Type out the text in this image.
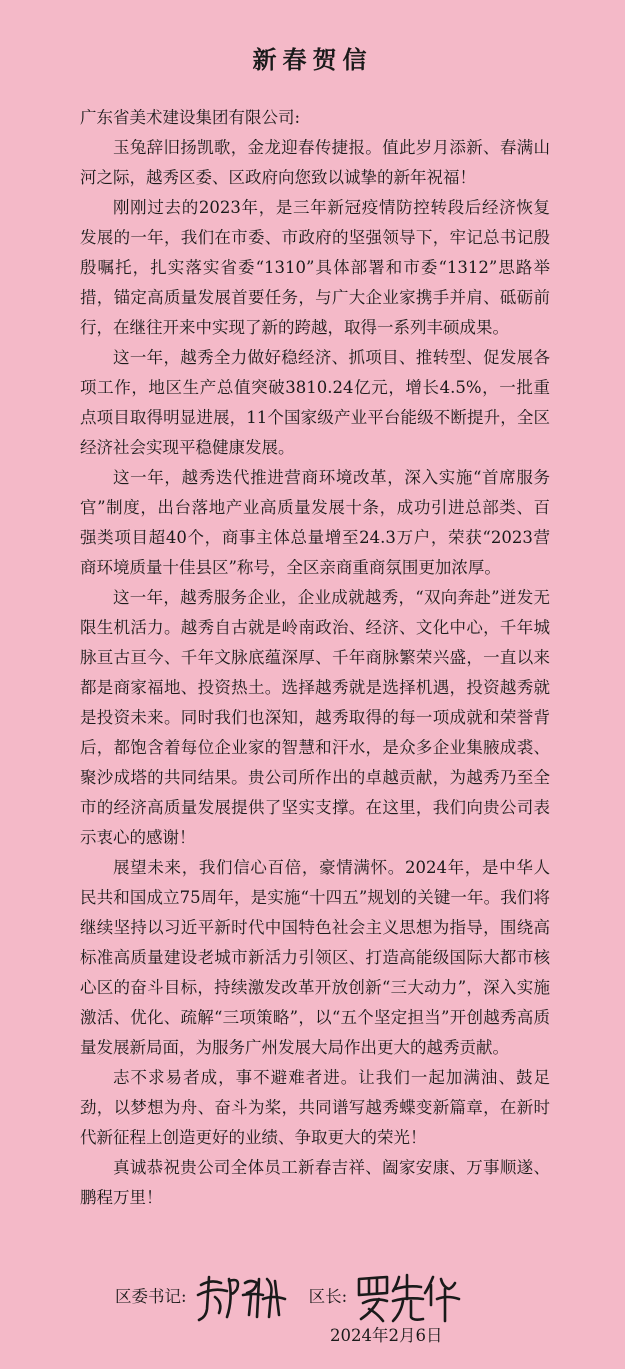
新春贺信
广东省美术建设集团有限公司:

玉兔辞旧扬凯歌，金龙迎春传捷报。值此岁月添新、春满山河之际，越秀区委、区政府向您致以诚挚的新年祝福！

刚刚过去的2023年，是三年新冠疫情防控转段后经济恢复发展的一年，我们在市委、市政府的坚强领导下，牢记总书记殷殷嘱托，扎实落实省委“1310”具体部署和市委“1312”思路举措，锚定高质量发展首要任务，与广大企业家携手并肩、砥砺前行，在继往开来中实现了新的跨越，取得一系列丰硕成果。

这一年，越秀全力做好稳经济、抓项目、推转型、促发展各项工作，地区生产总值突破3810.24亿元，增长4.5%，一批重点项目取得明显进展，11个国家级产业平台能级不断提升，全区经济社会实现平稳健康发展。

这一年，越秀迭代推进营商环境改革，深入实施“首席服务官”制度，出台落地产业高质量发展十条，成功引进总部类、百强类项目超40个，商事主体总量增至24.3万户，荣获“2023营商环境质量十佳县区”称号，全区亲商重商氛围更加浓厚。

这一年，越秀服务企业，企业成就越秀，“双向奔赴”迸发无限生机活力。越秀自古就是岭南政治、经济、文化中心，千年城脉亘古亘今、千年文脉底蕴深厚、千年商脉繁荣兴盛，一直以来都是商家福地、投资热土。选择越秀就是选择机遇，投资越秀就是投资未来。同时我们也深知，越秀取得的每一项成就和荣誉背后，都饱含着每位企业家的智慧和汗水，是众多企业集腋成裘、聚沙成塔的共同结果。贵公司所作出的卓越贡献，为越秀乃至全市的经济高质量发展提供了坚实支撑。在这里，我们向贵公司表示衷心的感谢！

展望未来，我们信心百倍，豪情满怀。2024年，是中华人民共和国成立75周年，是实施“十四五”规划的关键一年。我们将继续坚持以习近平新时代中国特色社会主义思想为指导，围绕高标准高质量建设老城市新活力引领区、打造高能级国际大都市核心区的奋斗目标，持续激发改革开放创新“三大动力”，深入实施激活、优化、疏解“三项策略”，以“五个坚定担当”开创越秀高质量发展新局面，为服务广州发展大局作出更大的越秀贡献。

志不求易者成，事不避难者进。让我们一起加满油、鼓足劲，以梦想为舟、奋斗为桨，共同谱写越秀蝶变新篇章，在新时代新征程上创造更好的业绩、争取更大的荣光！

真诚恭祝贵公司全体员工新春吉祥、阖家安康、万事顺遂、鹏程万里！

区委书记:	区长:
2024年2月6日
